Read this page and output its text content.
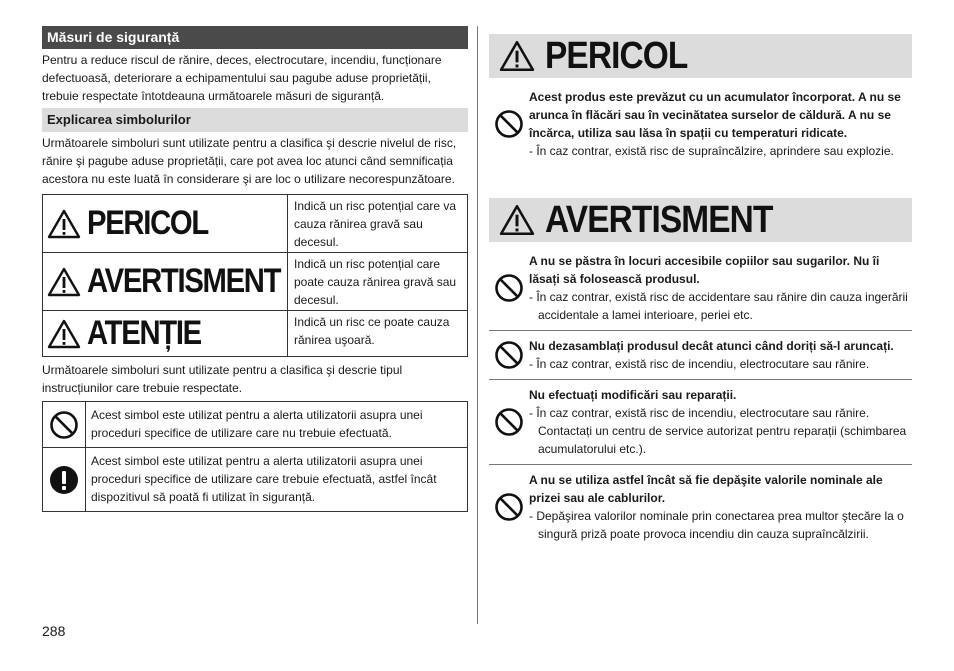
Măsuri de siguranță

Pentru a reduce riscul de rănire, deces, electrocutare, incendiu, funcționare defectuoasă, deteriorare a echipamentului sau pagube aduse proprietății, trebuie respectate întotdeauna următoarele măsuri de siguranță.

Explicarea simbolurilor

Următoarele simboluri sunt utilizate pentru a clasifica şi descrie nivelul de risc, rănire şi pagube aduse proprietății, care pot avea loc atunci când semnificația acestora nu este luată în considerare şi are loc o utilizare necorespunzătoare.

PERICOL	Indică un risc potențial care va cauza rănirea gravă sau decesul.
AVERTISMENT	Indică un risc potențial care poate cauza rănirea gravă sau decesul.
ATENȚIE	Indică un risc ce poate cauza rănirea uşoară.

Următoarele simboluri sunt utilizate pentru a clasifica şi descrie tipul instrucțiunilor care trebuie respectate.

Acest simbol este utilizat pentru a alerta utilizatorii asupra unei proceduri specifice de utilizare care nu trebuie efectuată.
Acest simbol este utilizat pentru a alerta utilizatorii asupra unei proceduri specifice de utilizare care trebuie efectuată, astfel încât dispozitivul să poată fi utilizat în siguranță.
PERICOL
Acest produs este prevăzut cu un acumulator încorporat. A nu se arunca în flăcări sau în vecinătatea surselor de căldură. A nu se încărca, utiliza sau lăsa în spații cu temperaturi ridicate.
- În caz contrar, există risc de supraîncălzire, aprindere sau explozie.
AVERTISMENT
A nu se păstra în locuri accesibile copiilor sau sugarilor. Nu îi lăsați să folosească produsul.
- În caz contrar, există risc de accidentare sau rănire din cauza ingerării accidentale a lamei interioare, periei etc.
Nu dezasamblați produsul decât atunci când doriți să-l aruncați.
- În caz contrar, există risc de incendiu, electrocutare sau rănire.
Nu efectuați modificări sau reparații.
- În caz contrar, există risc de incendiu, electrocutare sau rănire. Contactați un centru de service autorizat pentru reparații (schimbarea acumulatorului etc.).
A nu se utiliza astfel încât să fie depăşite valorile nominale ale prizei sau ale cablurilor.
- Depăşirea valorilor nominale prin conectarea prea multor ştecăre la o singură priză poate provoca incendiu din cauza supraîncălzirii.
288
